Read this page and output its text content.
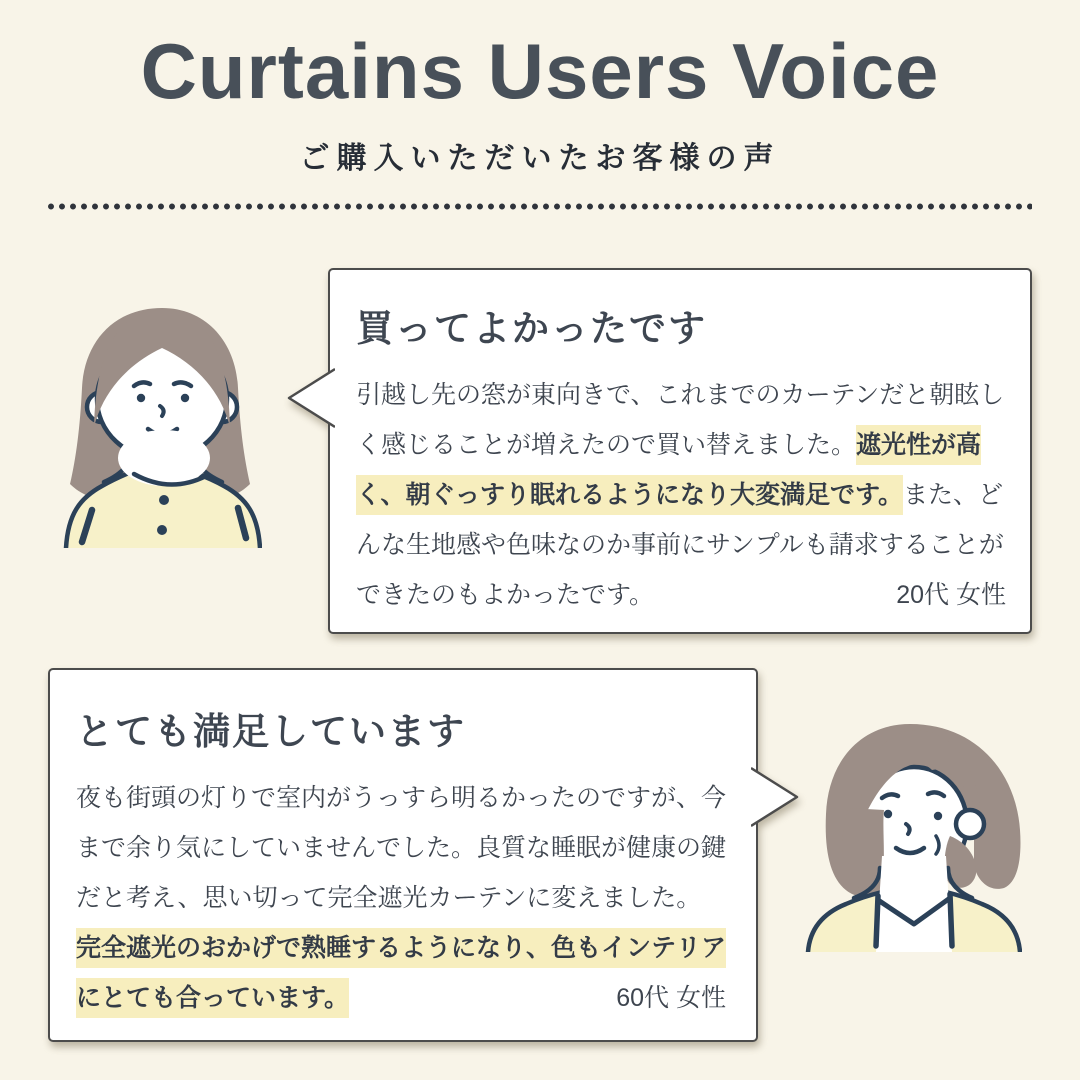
Curtains Users Voice
ご購入いただいたお客様の声
買ってよかったです

引越し先の窓が東向きで、これまでのカーテンだと朝眩しく感じることが増えたので買い替えました。遮光性が高く、朝ぐっすり眠れるようになり大変満足です。また、どんな生地感や色味なのか事前にサンプルも請求することができたのもよかったです。	20代 女性
とても満足しています

夜も街頭の灯りで室内がうっすら明るかったのですが、今まで余り気にしていませんでした。良質な睡眠が健康の鍵だと考え、思い切って完全遮光カーテンに変えました。完全遮光のおかげで熟睡するようになり、色もインテリアにとても合っています。	60代 女性
